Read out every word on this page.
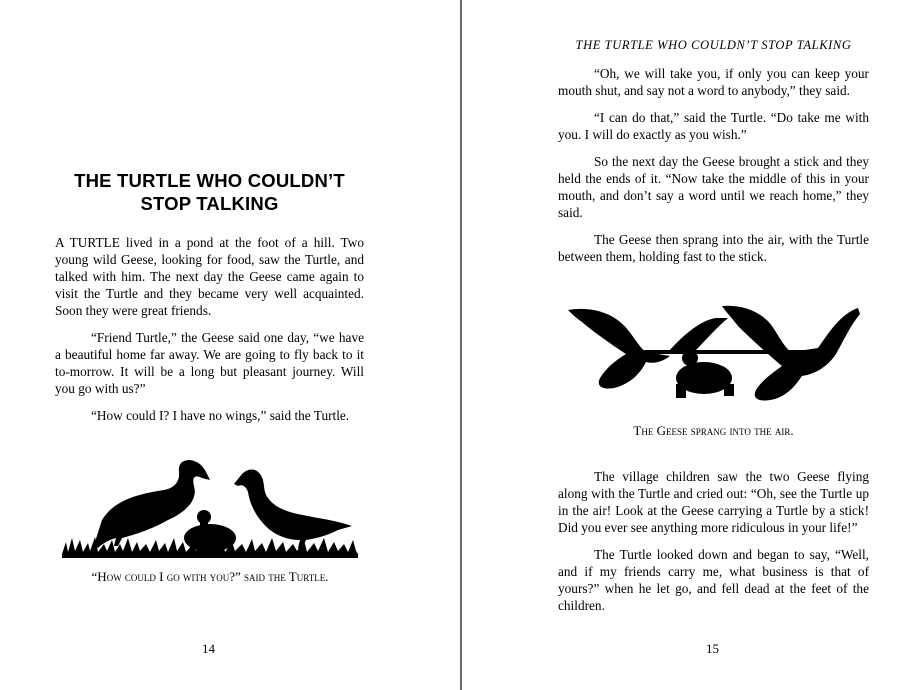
THE TURTLE WHO COULDN’T
STOP TALKING

A TURTLE lived in a pond at the foot of a hill. Two young wild Geese, looking for food, saw the Turtle, and talked with him. The next day the Geese came again to visit the Turtle and they became very well acquainted. Soon they were great friends.

“Friend Turtle,” the Geese said one day, “we have a beautiful home far away. We are going to fly back to it to-morrow. It will be a long but pleasant journey. Will you go with us?”

“How could I? I have no wings,” said the Turtle.

“How could I go with you?” said the Turtle.

14

THE TURTLE WHO COULDN’T STOP TALKING

“Oh, we will take you, if only you can keep your mouth shut, and say not a word to anybody,” they said.

“I can do that,” said the Turtle. “Do take me with you. I will do exactly as you wish.”

So the next day the Geese brought a stick and they held the ends of it. “Now take the middle of this in your mouth, and don’t say a word until we reach home,” they said.

The Geese then sprang into the air, with the Turtle between them, holding fast to the stick.

The Geese sprang into the air.

The village children saw the two Geese flying along with the Turtle and cried out: “Oh, see the Turtle up in the air! Look at the Geese carrying a Turtle by a stick! Did you ever see anything more ridiculous in your life!”

The Turtle looked down and began to say, “Well, and if my friends carry me, what business is that of yours?” when he let go, and fell dead at the feet of the children.

15
